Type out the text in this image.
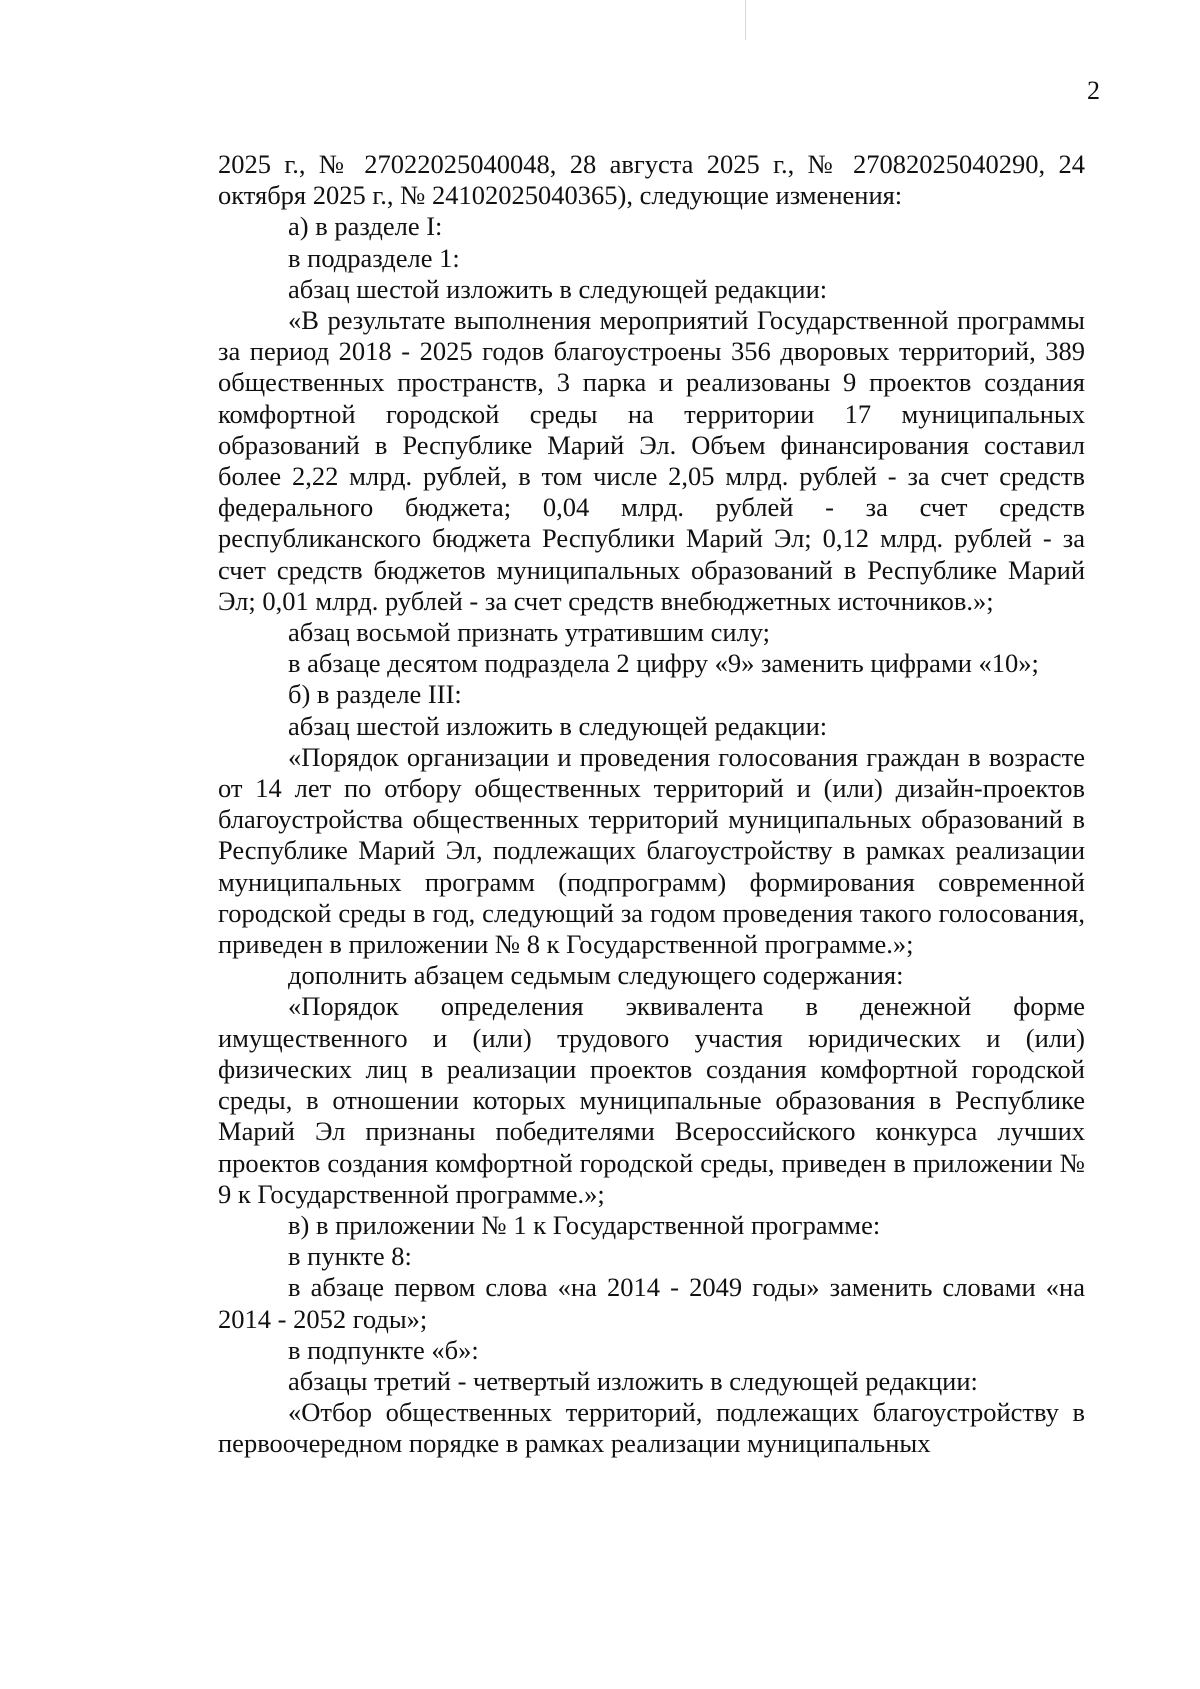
2

2025 г., № 27022025040048, 28 августа 2025 г., № 27082025040290, 24 октября 2025 г., № 24102025040365), следующие изменения:

а) в разделе I:

в подразделе 1:

абзац шестой изложить в следующей редакции:

«В результате выполнения мероприятий Государственной программы за период 2018 - 2025 годов благоустроены 356 дворовых территорий, 389 общественных пространств, 3 парка и реализованы 9 проектов создания комфортной городской среды на территории 17 муниципальных образований в Республике Марий Эл. Объем финансирования составил более 2,22 млрд. рублей, в том числе 2,05 млрд. рублей - за счет средств федерального бюджета; 0,04 млрд. рублей - за счет средств республиканского бюджета Республики Марий Эл; 0,12 млрд. рублей - за счет средств бюджетов муниципальных образований в Республике Марий Эл; 0,01 млрд. рублей - за счет средств внебюджетных источников.»;

абзац восьмой признать утратившим силу;

в абзаце десятом подраздела 2 цифру «9» заменить цифрами «10»;

б) в разделе III:

абзац шестой изложить в следующей редакции:

«Порядок организации и проведения голосования граждан в возрасте от 14 лет по отбору общественных территорий и (или) дизайн-проектов благоустройства общественных территорий муниципальных образований в Республике Марий Эл, подлежащих благоустройству в рамках реализации муниципальных программ (подпрограмм) формирования современной городской среды в год, следующий за годом проведения такого голосования, приведен в приложении № 8 к Государственной программе.»;

дополнить абзацем седьмым следующего содержания:

«Порядок определения эквивалента в денежной форме имущественного и (или) трудового участия юридических и (или) физических лиц в реализации проектов создания комфортной городской среды, в отношении которых муниципальные образования в Республике Марий Эл признаны победителями Всероссийского конкурса лучших проектов создания комфортной городской среды, приведен в приложении № 9 к Государственной программе.»;

в) в приложении № 1 к Государственной программе:

в пункте 8:

в абзаце первом слова «на 2014 - 2049 годы» заменить словами «на 2014 - 2052 годы»;

в подпункте «б»:

абзацы третий - четвертый изложить в следующей редакции:

«Отбор общественных территорий, подлежащих благоустройству в первоочередном порядке в рамках реализации муниципальных
